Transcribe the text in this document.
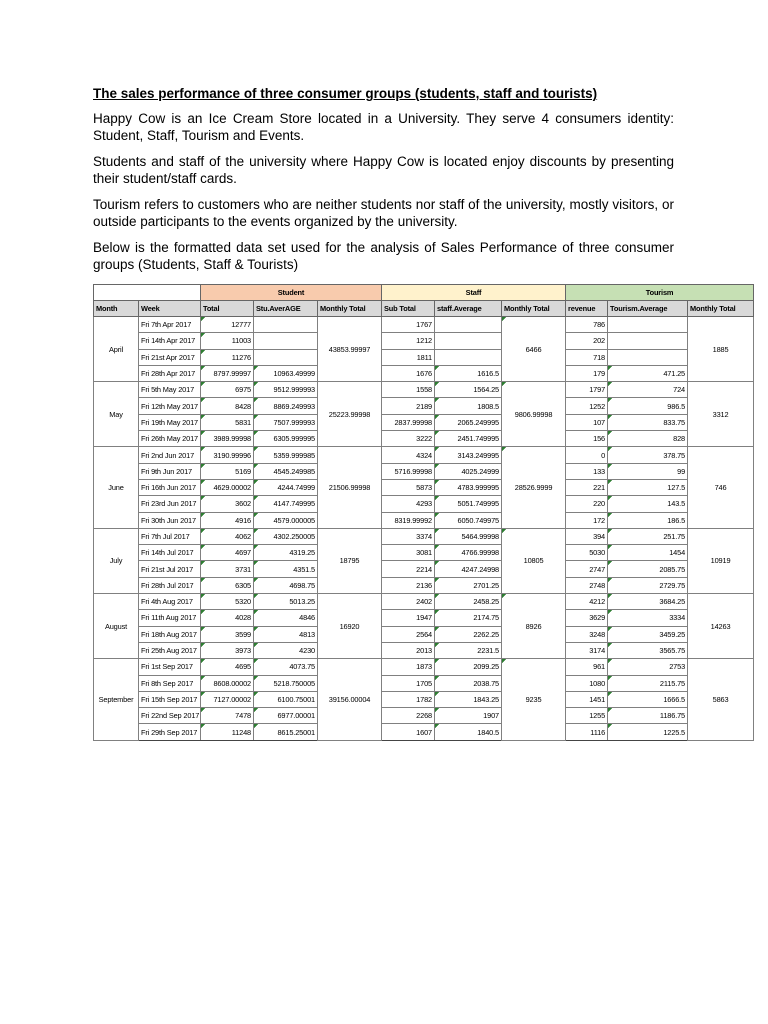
The sales performance of three consumer groups (students, staff and tourists)

Happy Cow is an Ice Cream Store located in a University. They serve 4 consumers identity: Student, Staff, Tourism and Events.

Students and staff of the university where Happy Cow is located enjoy discounts by presenting their student/staff cards.

Tourism refers to customers who are neither students nor staff of the university, mostly visitors, or outside participants to the events organized by the university.

Below is the formatted data set used for the analysis of Sales Performance of three consumer groups (Students, Staff & Tourists)

		Student			Staff			Tourism		
Month	Week	Total	Stu.AverAGE	Monthly Total	Sub Total	staff.Average	Monthly Total	revenue	Tourism.Average	Monthly Total
April	Fri 7th Apr 2017	12777		43853.99997	1767		6466	786		1885
	Fri 14th Apr 2017	11003			1212			202		
	Fri 21st Apr 2017	11276			1811			718		
	Fri 28th Apr 2017	8797.99997	10963.49999		1676	1616.5		179	471.25	
May	Fri 5th May 2017	6975	9512.999993	25223.99998	1558	1564.25	9806.99998	1797	724	3312
	Fri 12th May 2017	8428	8869.249993		2189	1808.5		1252	986.5	
	Fri 19th May 2017	5831	7507.999993		2837.99998	2065.249995		107	833.75	
	Fri 26th May 2017	3989.99998	6305.999995		3222	2451.749995		156	828	
June	Fri 2nd Jun 2017	3190.99996	5359.999985	21506.99998	4324	3143.249995	28526.9999	0	378.75	746
	Fri 9th Jun 2017	5169	4545.249985		5716.99998	4025.24999		133	99	
	Fri 16th Jun 2017	4629.00002	4244.74999		5873	4783.999995		221	127.5	
	Fri 23rd Jun 2017	3602	4147.749995		4293	5051.749995		220	143.5	
	Fri 30th Jun 2017	4916	4579.000005		8319.99992	6050.749975		172	186.5	
July	Fri 7th Jul 2017	4062	4302.250005	18795	3374	5464.99998	10805	394	251.75	10919
	Fri 14th Jul 2017	4697	4319.25		3081	4766.99998		5030	1454	
	Fri 21st Jul 2017	3731	4351.5		2214	4247.24998		2747	2085.75	
	Fri 28th Jul 2017	6305	4698.75		2136	2701.25		2748	2729.75	
August	Fri 4th Aug 2017	5320	5013.25	16920	2402	2458.25	8926	4212	3684.25	14263
	Fri 11th Aug 2017	4028	4846		1947	2174.75		3629	3334	
	Fri 18th Aug 2017	3599	4813		2564	2262.25		3248	3459.25	
	Fri 25th Aug 2017	3973	4230		2013	2231.5		3174	3565.75	
September	Fri 1st Sep 2017	4695	4073.75	39156.00004	1873	2099.25	9235	961	2753	5863
	Fri 8th Sep 2017	8608.00002	5218.750005		1705	2038.75		1080	2115.75	
	Fri 15th Sep 2017	7127.00002	6100.75001		1782	1843.25		1451	1666.5	
	Fri 22nd Sep 2017	7478	6977.00001		2268	1907		1255	1186.75	
	Fri 29th Sep 2017	11248	8615.25001		1607	1840.5		1116	1225.5	
